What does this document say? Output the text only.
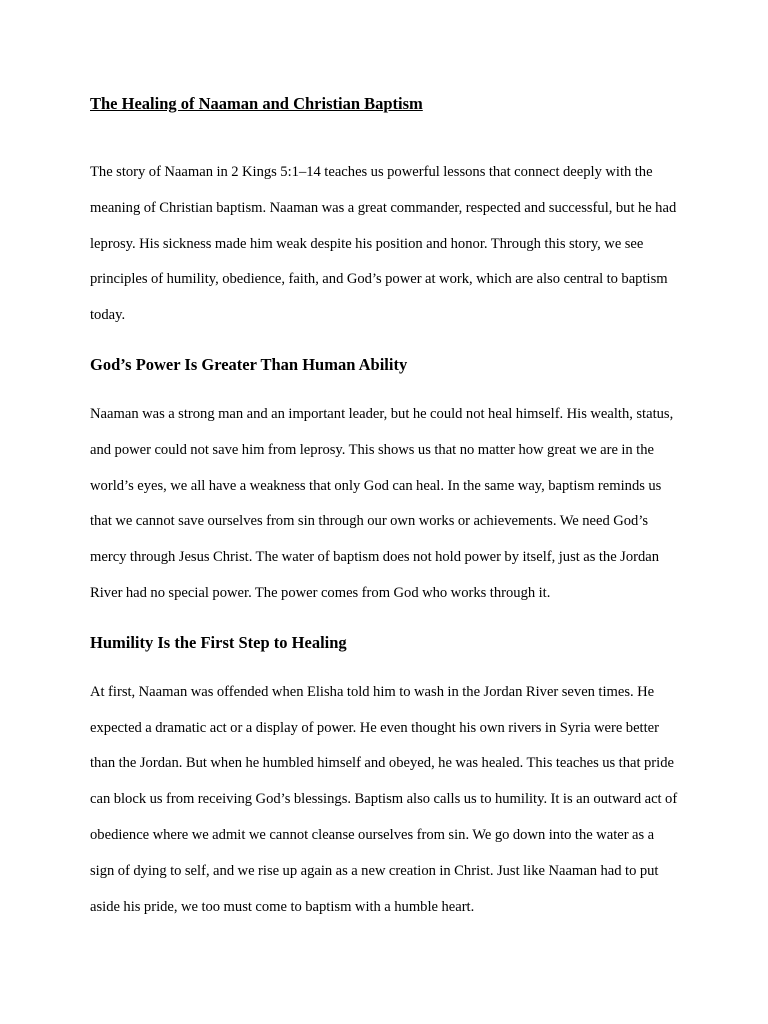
The Healing of Naaman and Christian Baptism

The story of Naaman in 2 Kings 5:1–14 teaches us powerful lessons that connect deeply with the meaning of Christian baptism. Naaman was a great commander, respected and successful, but he had leprosy. His sickness made him weak despite his position and honor. Through this story, we see principles of humility, obedience, faith, and God’s power at work, which are also central to baptism today.

God’s Power Is Greater Than Human Ability

Naaman was a strong man and an important leader, but he could not heal himself. His wealth, status, and power could not save him from leprosy. This shows us that no matter how great we are in the world’s eyes, we all have a weakness that only God can heal. In the same way, baptism reminds us that we cannot save ourselves from sin through our own works or achievements. We need God’s mercy through Jesus Christ. The water of baptism does not hold power by itself, just as the Jordan River had no special power. The power comes from God who works through it.

Humility Is the First Step to Healing

At first, Naaman was offended when Elisha told him to wash in the Jordan River seven times. He expected a dramatic act or a display of power. He even thought his own rivers in Syria were better than the Jordan. But when he humbled himself and obeyed, he was healed. This teaches us that pride can block us from receiving God’s blessings. Baptism also calls us to humility. It is an outward act of obedience where we admit we cannot cleanse ourselves from sin. We go down into the water as a sign of dying to self, and we rise up again as a new creation in Christ. Just like Naaman had to put aside his pride, we too must come to baptism with a humble heart.
